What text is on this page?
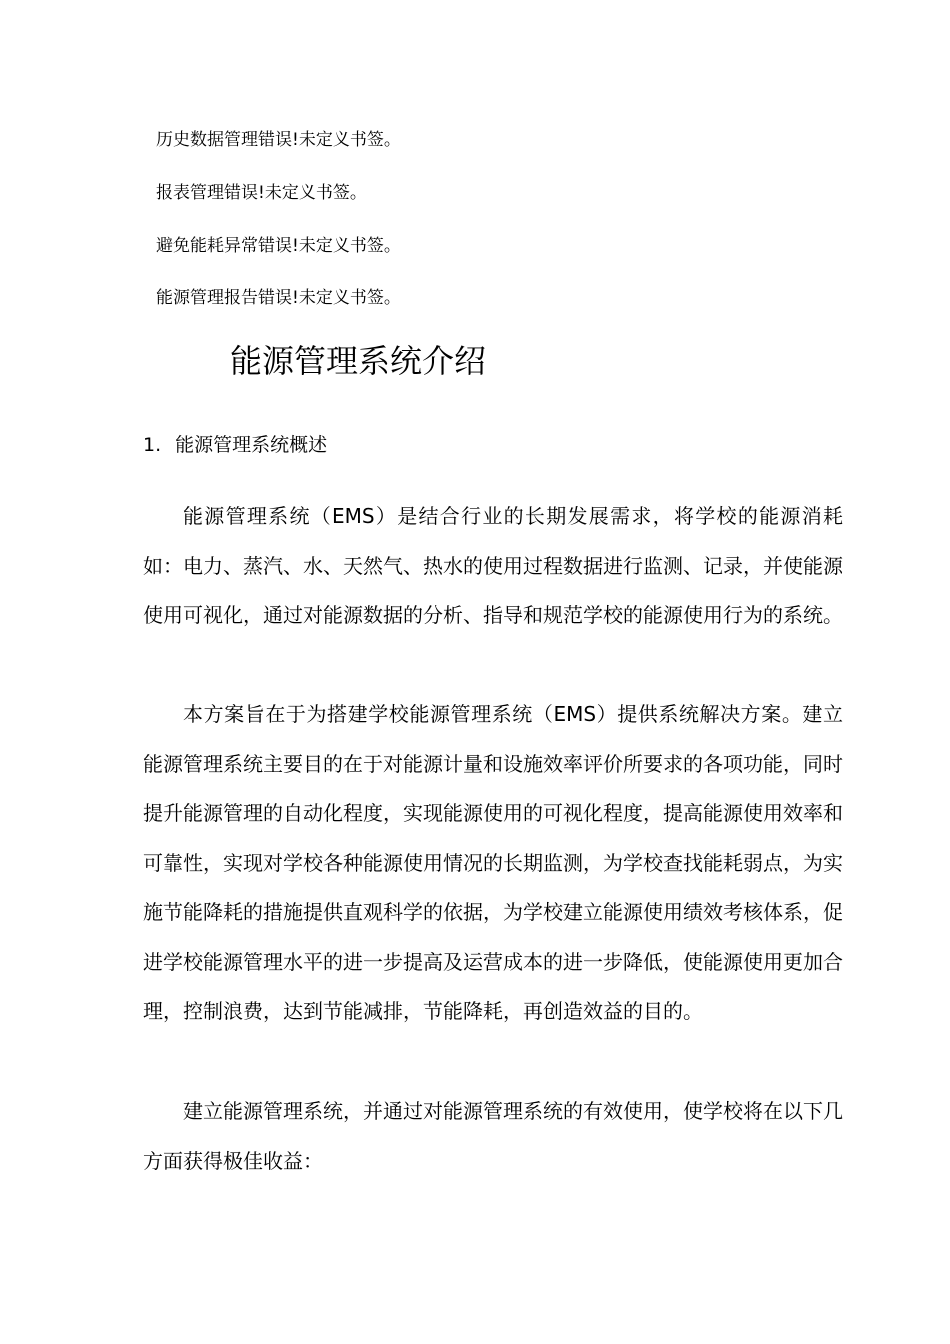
历史数据管理错误!未定义书签。
报表管理错误!未定义书签。
避免能耗异常错误!未定义书签。
能源管理报告错误!未定义书签。
能源管理系统介绍
1. 能源管理系统概述

能源管理系统（EMS）是结合行业的长期发展需求，将学校的能源消耗如：电力、蒸汽、水、天然气、热水的使用过程数据进行监测、记录，并使能源使用可视化，通过对能源数据的分析、指导和规范学校的能源使用行为的系统。

本方案旨在于为搭建学校能源管理系统（EMS）提供系统解决方案。建立能源管理系统主要目的在于对能源计量和设施效率评价所要求的各项功能，同时提升能源管理的自动化程度，实现能源使用的可视化程度，提高能源使用效率和可靠性，实现对学校各种能源使用情况的长期监测，为学校查找能耗弱点，为实施节能降耗的措施提供直观科学的依据，为学校建立能源使用绩效考核体系，促进学校能源管理水平的进一步提高及运营成本的进一步降低，使能源使用更加合理，控制浪费，达到节能减排，节能降耗，再创造效益的目的。

建立能源管理系统，并通过对能源管理系统的有效使用，使学校将在以下几方面获得极佳收益：
